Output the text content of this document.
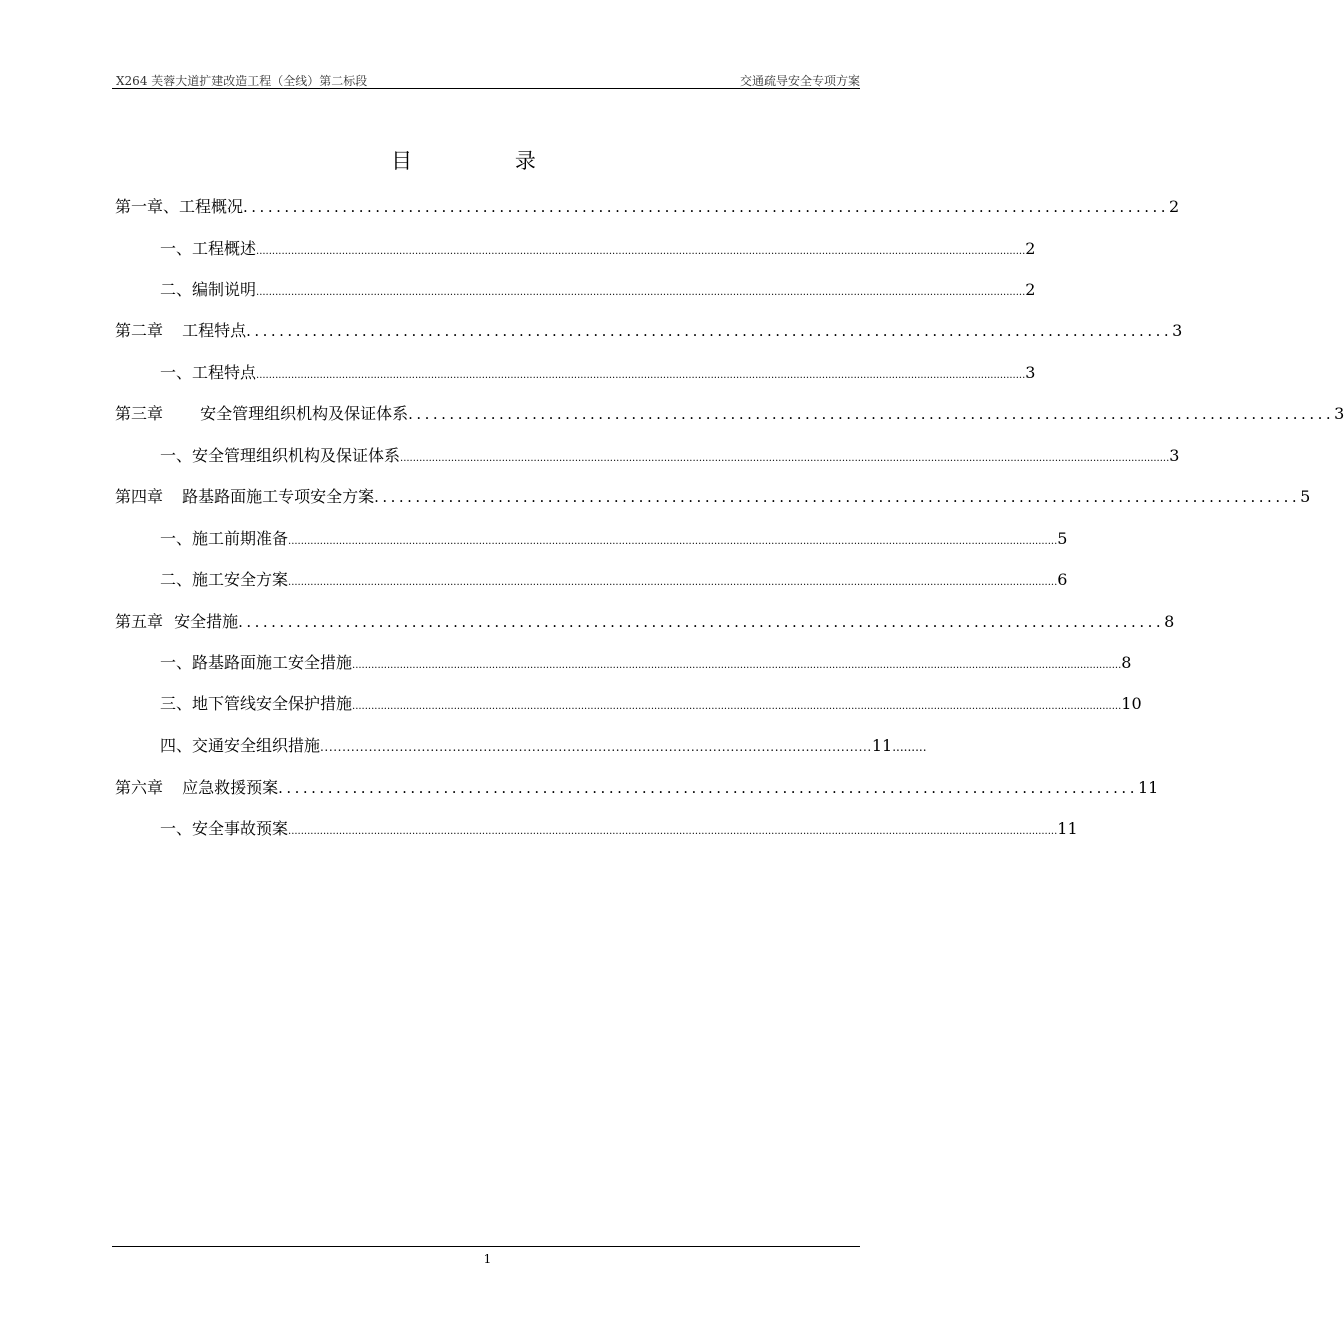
X264 芙蓉大道扩建改造工程（全线）第二标段	交通疏导安全专项方案
目 录
第一章、工程概况 ................................................................................................................ 2
一、工程概述 .................................................................................................................................................................................................................................................. 2
二、编制说明 .................................................................................................................................................................................................................................................. 2
第二章 工程特点 ................................................................................................................ 3
一、工程特点 .................................................................................................................................................................................................................................................. 3
第三章 安全管理组织机构及保证体系 ................................................................................................................ 3
一、安全管理组织机构及保证体系 .................................................................................................................................................................................................................................................. 3
第四章 路基路面施工专项安全方案 ................................................................................................................ 5
一、施工前期准备 .................................................................................................................................................................................................................................................. 5
二、施工安全方案 .................................................................................................................................................................................................................................................. 6
第五章 安全措施 ................................................................................................................ 8
一、路基路面施工安全措施 .................................................................................................................................................................................................................................................. 8
三、地下管线安全保护措施 .................................................................................................................................................................................................................................................. 10
四、交通安全组织措施 ............................................................................................................................. 11 .........
第六章 应急救援预案 ........................................................................................................ 11
一、安全事故预案 .................................................................................................................................................................................................................................................. 11
1
